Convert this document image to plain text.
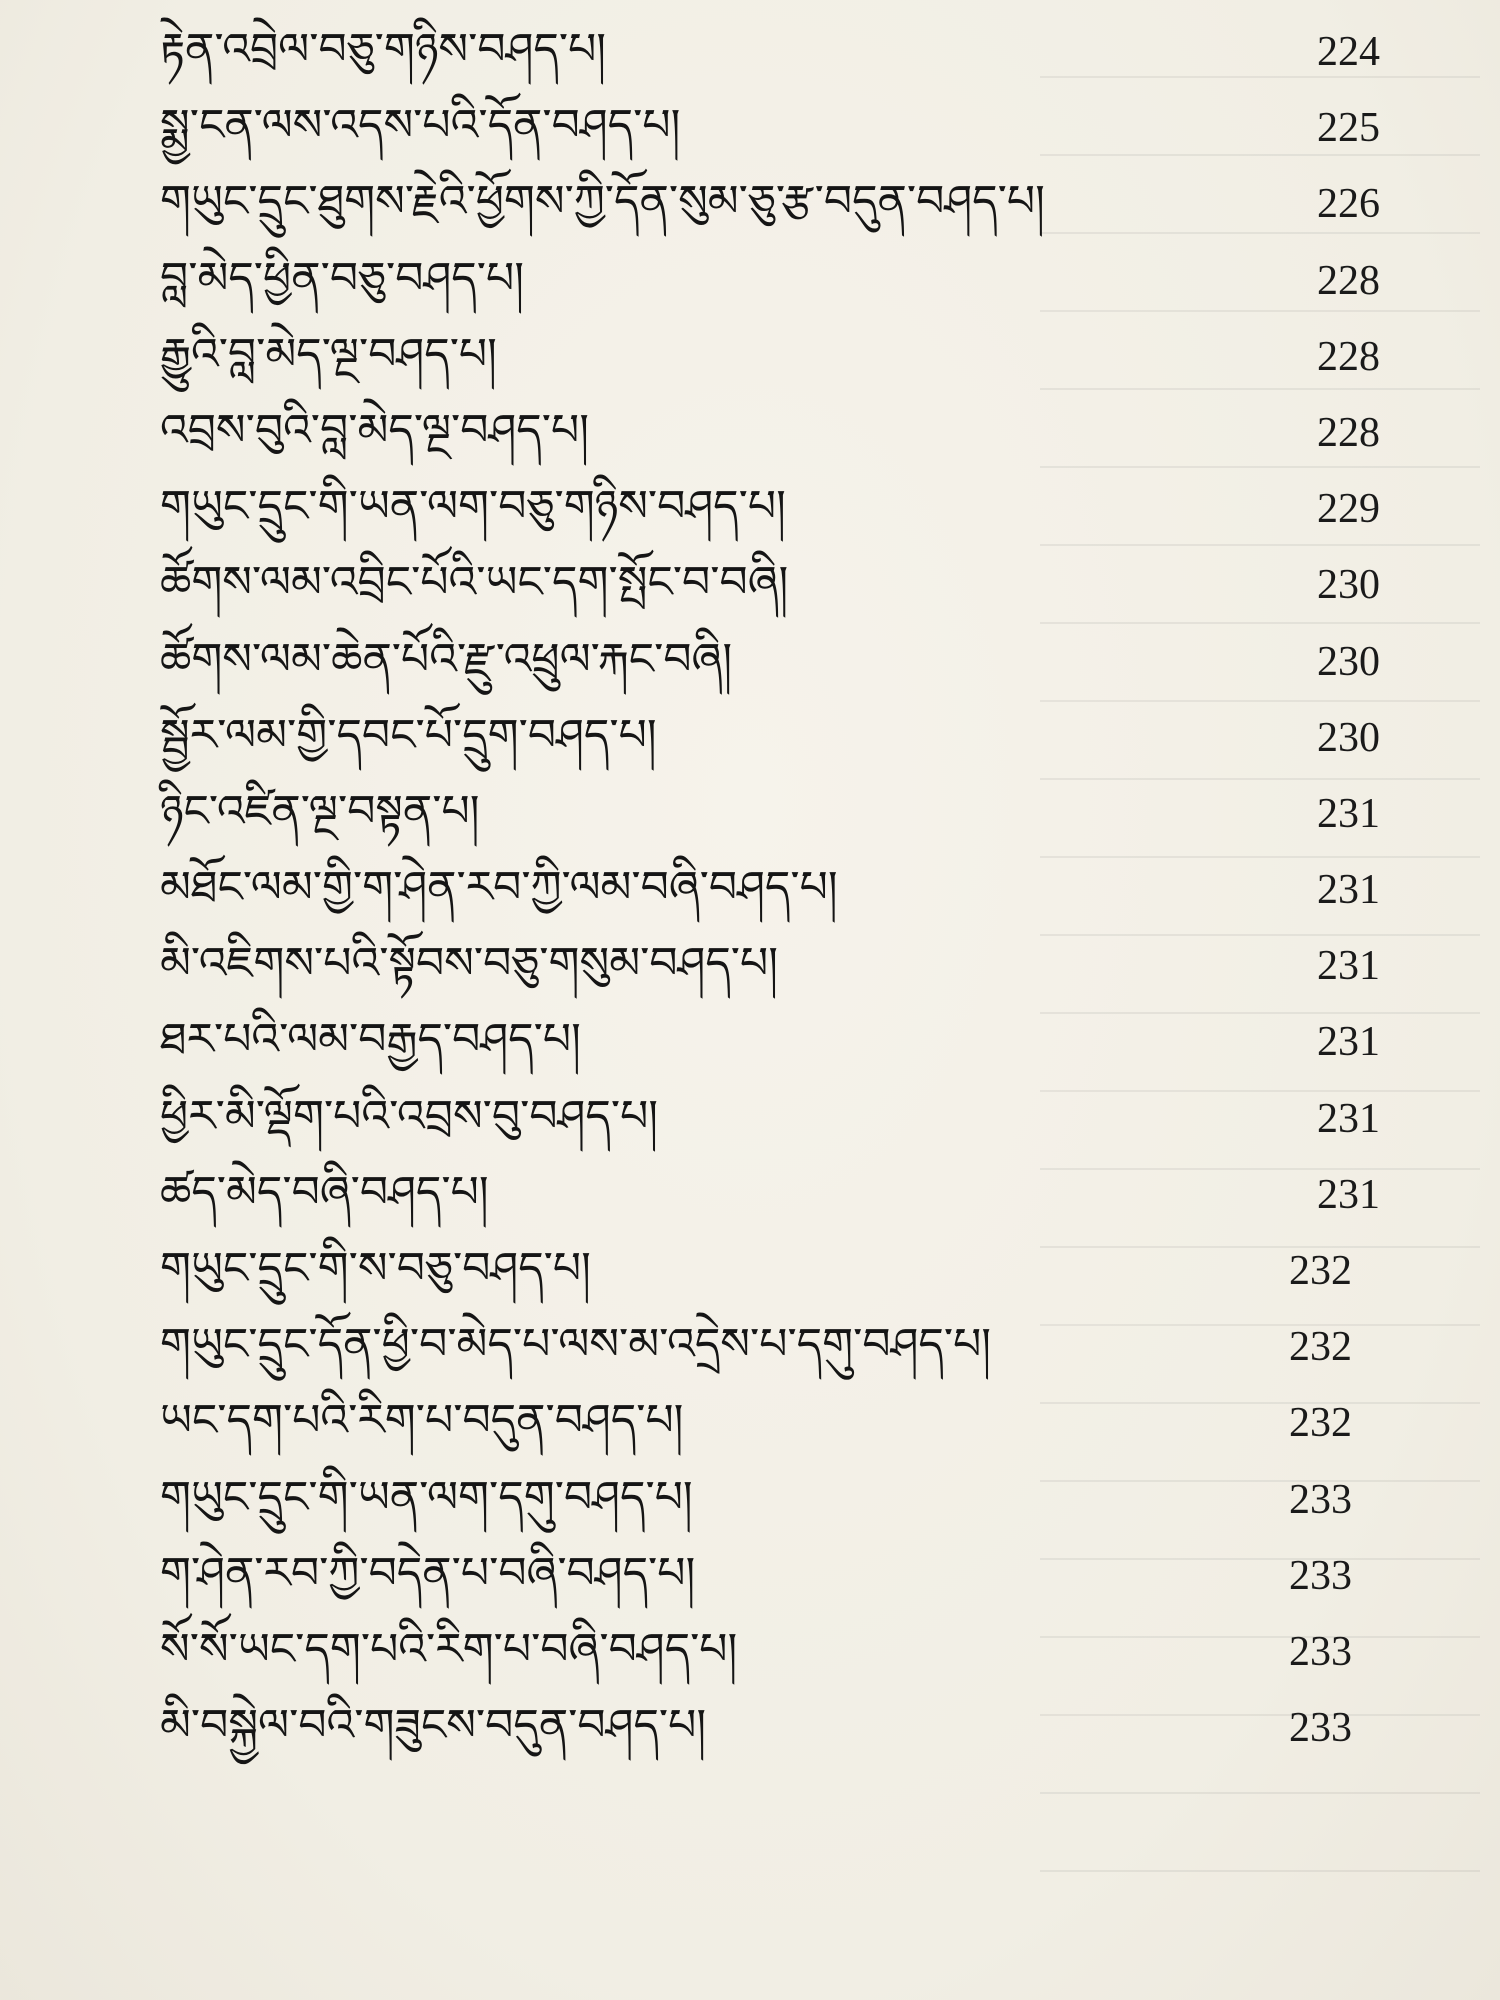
རྟེན་འབྲེལ་བཅུ་གཉིས་བཤད་པ།	224
སྨྱ་ངན་ལས་འདས་པའི་དོན་བཤད་པ།	225
གཡུང་དྲུང་ཐུགས་རྗེའི་ཕྱོགས་ཀྱི་དོན་སུམ་ཅུ་རྩ་བདུན་བཤད་པ།	226
བླ་མེད་ཕྱིན་བཅུ་བཤད་པ།	228
རྒྱུའི་བླ་མེད་ལྔ་བཤད་པ།	228
འབྲས་བུའི་བླ་མེད་ལྔ་བཤད་པ།	228
གཡུང་དྲུང་གི་ཡན་ལག་བཅུ་གཉིས་བཤད་པ།	229
ཚོགས་ལམ་འབྲིང་པོའི་ཡང་དག་སྤོང་བ་བཞི།	230
ཚོགས་ལམ་ཆེན་པོའི་རྫུ་འཕྲུལ་རྐང་བཞི།	230
སྦྱོར་ལམ་གྱི་དབང་པོ་དྲུག་བཤད་པ།	230
ཉིང་འཛིན་ལྔ་བསྟན་པ།	231
མཐོང་ལམ་གྱི་ག་ཤེན་རབ་ཀྱི་ལམ་བཞི་བཤད་པ།	231
མི་འཇིགས་པའི་སྟོབས་བཅུ་གསུམ་བཤད་པ།	231
ཐར་པའི་ལམ་བརྒྱད་བཤད་པ།	231
ཕྱིར་མི་ལྡོག་པའི་འབྲས་བུ་བཤད་པ།	231
ཚད་མེད་བཞི་བཤད་པ།	231
གཡུང་དྲུང་གི་ས་བཅུ་བཤད་པ།	232
གཡུང་དྲུང་དོན་ཕྱི་བ་མེད་པ་ལས་མ་འདྲེས་པ་དགུ་བཤད་པ།	232
ཡང་དག་པའི་རིག་པ་བདུན་བཤད་པ།	232
གཡུང་དྲུང་གི་ཡན་ལག་དགུ་བཤད་པ།	233
ག་ཤེན་རབ་ཀྱི་བདེན་པ་བཞི་བཤད་པ།	233
སོ་སོ་ཡང་དག་པའི་རིག་པ་བཞི་བཤད་པ།	233
མི་བསྐྱེལ་བའི་གཟུངས་བདུན་བཤད་པ།	233
